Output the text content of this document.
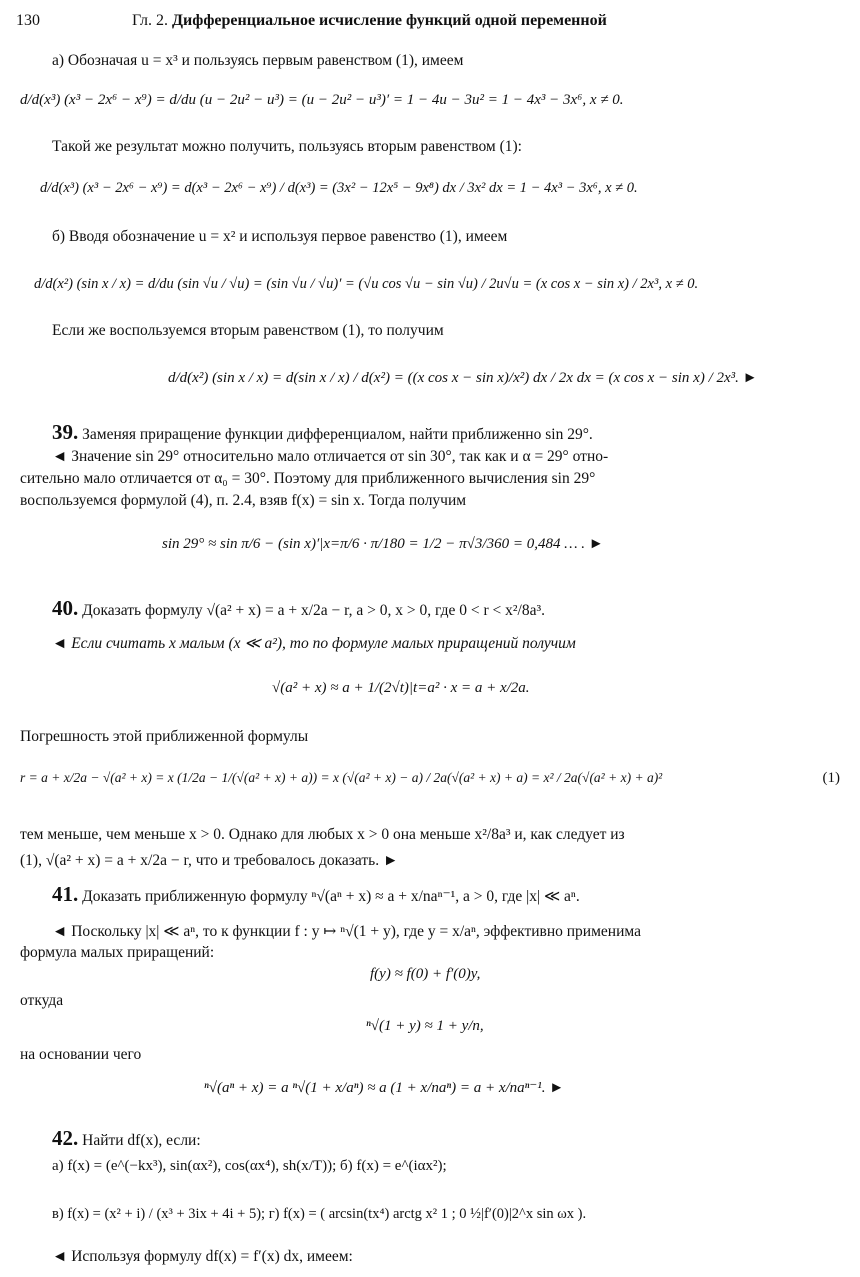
130	Гл. 2. Дифференциальное исчисление функций одной переменной
а) Обозначая u = x³ и пользуясь первым равенством (1), имеем
d/d(x³) (x³ − 2x⁶ − x⁹) = d/du (u − 2u² − u³) = (u − 2u² − u³)′ = 1 − 4u − 3u² = 1 − 4x³ − 3x⁶, x ≠ 0.
Такой же результат можно получить, пользуясь вторым равенством (1):
d/d(x³) (x³ − 2x⁶ − x⁹) = d(x³ − 2x⁶ − x⁹) / d(x³) = (3x² − 12x⁵ − 9x⁸) dx / 3x² dx = 1 − 4x³ − 3x⁶, x ≠ 0.
б) Вводя обозначение u = x² и используя первое равенство (1), имеем
d/d(x²) (sin x / x) = d/du (sin √u / √u) = (sin √u / √u)′ = (√u cos √u − sin √u) / 2u√u = (x cos x − sin x) / 2x³, x ≠ 0.
Если же воспользуемся вторым равенством (1), то получим
d/d(x²) (sin x / x) = d(sin x / x) / d(x²) = ((x cos x − sin x)/x²) dx / 2x dx = (x cos x − sin x) / 2x³. ►
39. Заменяя приращение функции дифференциалом, найти приближенно sin 29°.
◄ Значение sin 29° относительно мало отличается от sin 30°, так как и α = 29° отно-
сительно мало отличается от α₀ = 30°. Поэтому для приближенного вычисления sin 29°
воспользуемся формулой (4), п. 2.4, взяв f(x) = sin x. Тогда получим
sin 29° ≈ sin π/6 − (sin x)′|x=π/6 · π/180 = 1/2 − π√3/360 = 0,484 … . ►
40. Доказать формулу √(a² + x) = a + x/2a − r, a > 0, x > 0, где 0 < r < x²/8a³.
◄ Если считать x малым (x ≪ a²), то по формуле малых приращений получим
√(a² + x) ≈ a + 1/(2√t)|t=a² · x = a + x/2a.
Погрешность этой приближенной формулы
r = a + x/2a − √(a² + x) = x (1/2a − 1/(√(a² + x) + a)) = x (√(a² + x) − a) / 2a(√(a² + x) + a) = x² / 2a(√(a² + x) + a)²	(1)
тем меньше, чем меньше x > 0. Однако для любых x > 0 она меньше x²/8a³ и, как следует из
(1), √(a² + x) = a + x/2a − r, что и требовалось доказать. ►
41. Доказать приближенную формулу ⁿ√(aⁿ + x) ≈ a + x/naⁿ⁻¹, a > 0, где |x| ≪ aⁿ.
◄ Поскольку |x| ≪ aⁿ, то к функции f : y ↦ ⁿ√(1 + y), где y = x/aⁿ, эффективно применима
формула малых приращений:
f(y) ≈ f(0) + f′(0)y,
откуда
ⁿ√(1 + y) ≈ 1 + y/n,
на основании чего
ⁿ√(aⁿ + x) = a ⁿ√(1 + x/aⁿ) ≈ a (1 + x/naⁿ) = a + x/naⁿ⁻¹. ►
42. Найти df(x), если:
а) f(x) = (e^(−kx³), sin(αx²), cos(αx⁴), sh(x/T)); б) f(x) = e^(iαx²);
в) f(x) = (x² + i) / (x³ + 3ix + 4i + 5); г) f(x) = ( arcsin(tx⁴) arctg x² 1 ; 0 ½|f′(0)|2^x sin ωx ).
◄ Используя формулу df(x) = f′(x) dx, имеем:
